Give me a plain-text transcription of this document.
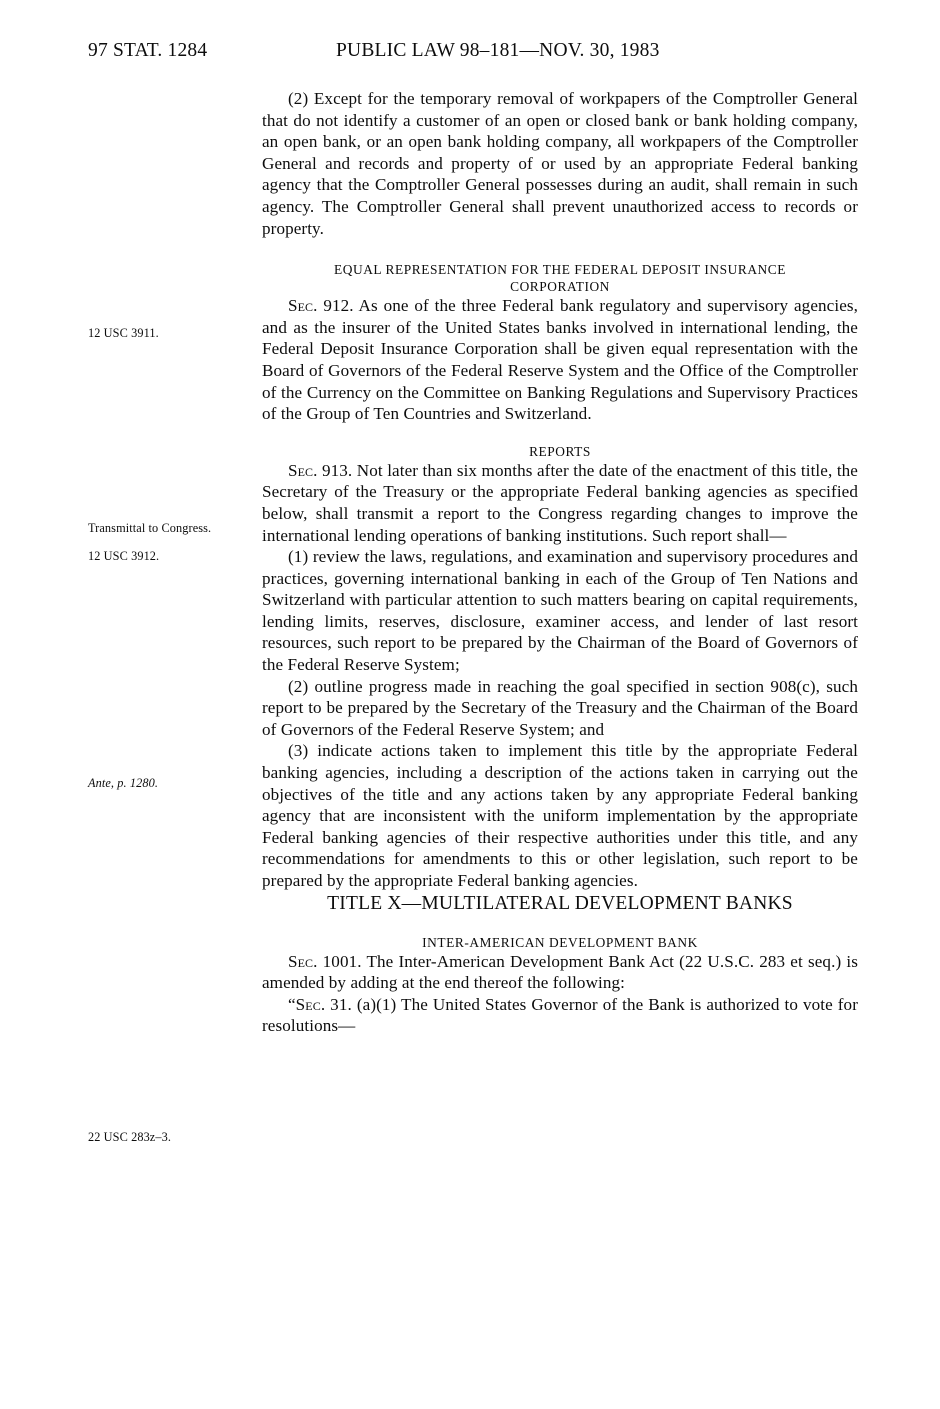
97 STAT. 1284	PUBLIC LAW 98–181—NOV. 30, 1983
12 USC 3911.
Transmittal to Congress.
12 USC 3912.
Ante, p. 1280.
22 USC 283z–3.

(2) Except for the temporary removal of workpapers of the Comptroller General that do not identify a customer of an open or closed bank or bank holding company, an open bank, or an open bank holding company, all workpapers of the Comptroller General and records and property of or used by an appropriate Federal banking agency that the Comptroller General possesses during an audit, shall remain in such agency. The Comptroller General shall prevent unauthorized access to records or property.

EQUAL REPRESENTATION FOR THE FEDERAL DEPOSIT INSURANCE

CORPORATION

Sec. 912. As one of the three Federal bank regulatory and supervisory agencies, and as the insurer of the United States banks involved in international lending, the Federal Deposit Insurance Corporation shall be given equal representation with the Board of Governors of the Federal Reserve System and the Office of the Comptroller of the Currency on the Committee on Banking Regulations and Supervisory Practices of the Group of Ten Countries and Switzerland.

REPORTS

Sec. 913. Not later than six months after the date of the enactment of this title, the Secretary of the Treasury or the appropriate Federal banking agencies as specified below, shall transmit a report to the Congress regarding changes to improve the international lending operations of banking institutions. Such report shall—

(1) review the laws, regulations, and examination and supervisory procedures and practices, governing international banking in each of the Group of Ten Nations and Switzerland with particular attention to such matters bearing on capital requirements, lending limits, reserves, disclosure, examiner access, and lender of last resort resources, such report to be prepared by the Chairman of the Board of Governors of the Federal Reserve System;

(2) outline progress made in reaching the goal specified in section 908(c), such report to be prepared by the Secretary of the Treasury and the Chairman of the Board of Governors of the Federal Reserve System; and

(3) indicate actions taken to implement this title by the appropriate Federal banking agencies, including a description of the actions taken in carrying out the objectives of the title and any actions taken by any appropriate Federal banking agency that are inconsistent with the uniform implementation by the appropriate Federal banking agencies of their respective authorities under this title, and any recommendations for amendments to this or other legislation, such report to be prepared by the appropriate Federal banking agencies.

TITLE X—MULTILATERAL DEVELOPMENT BANKS

INTER-AMERICAN DEVELOPMENT BANK

Sec. 1001. The Inter-American Development Bank Act (22 U.S.C. 283 et seq.) is amended by adding at the end thereof the following:

“Sec. 31. (a)(1) The United States Governor of the Bank is authorized to vote for resolutions—
